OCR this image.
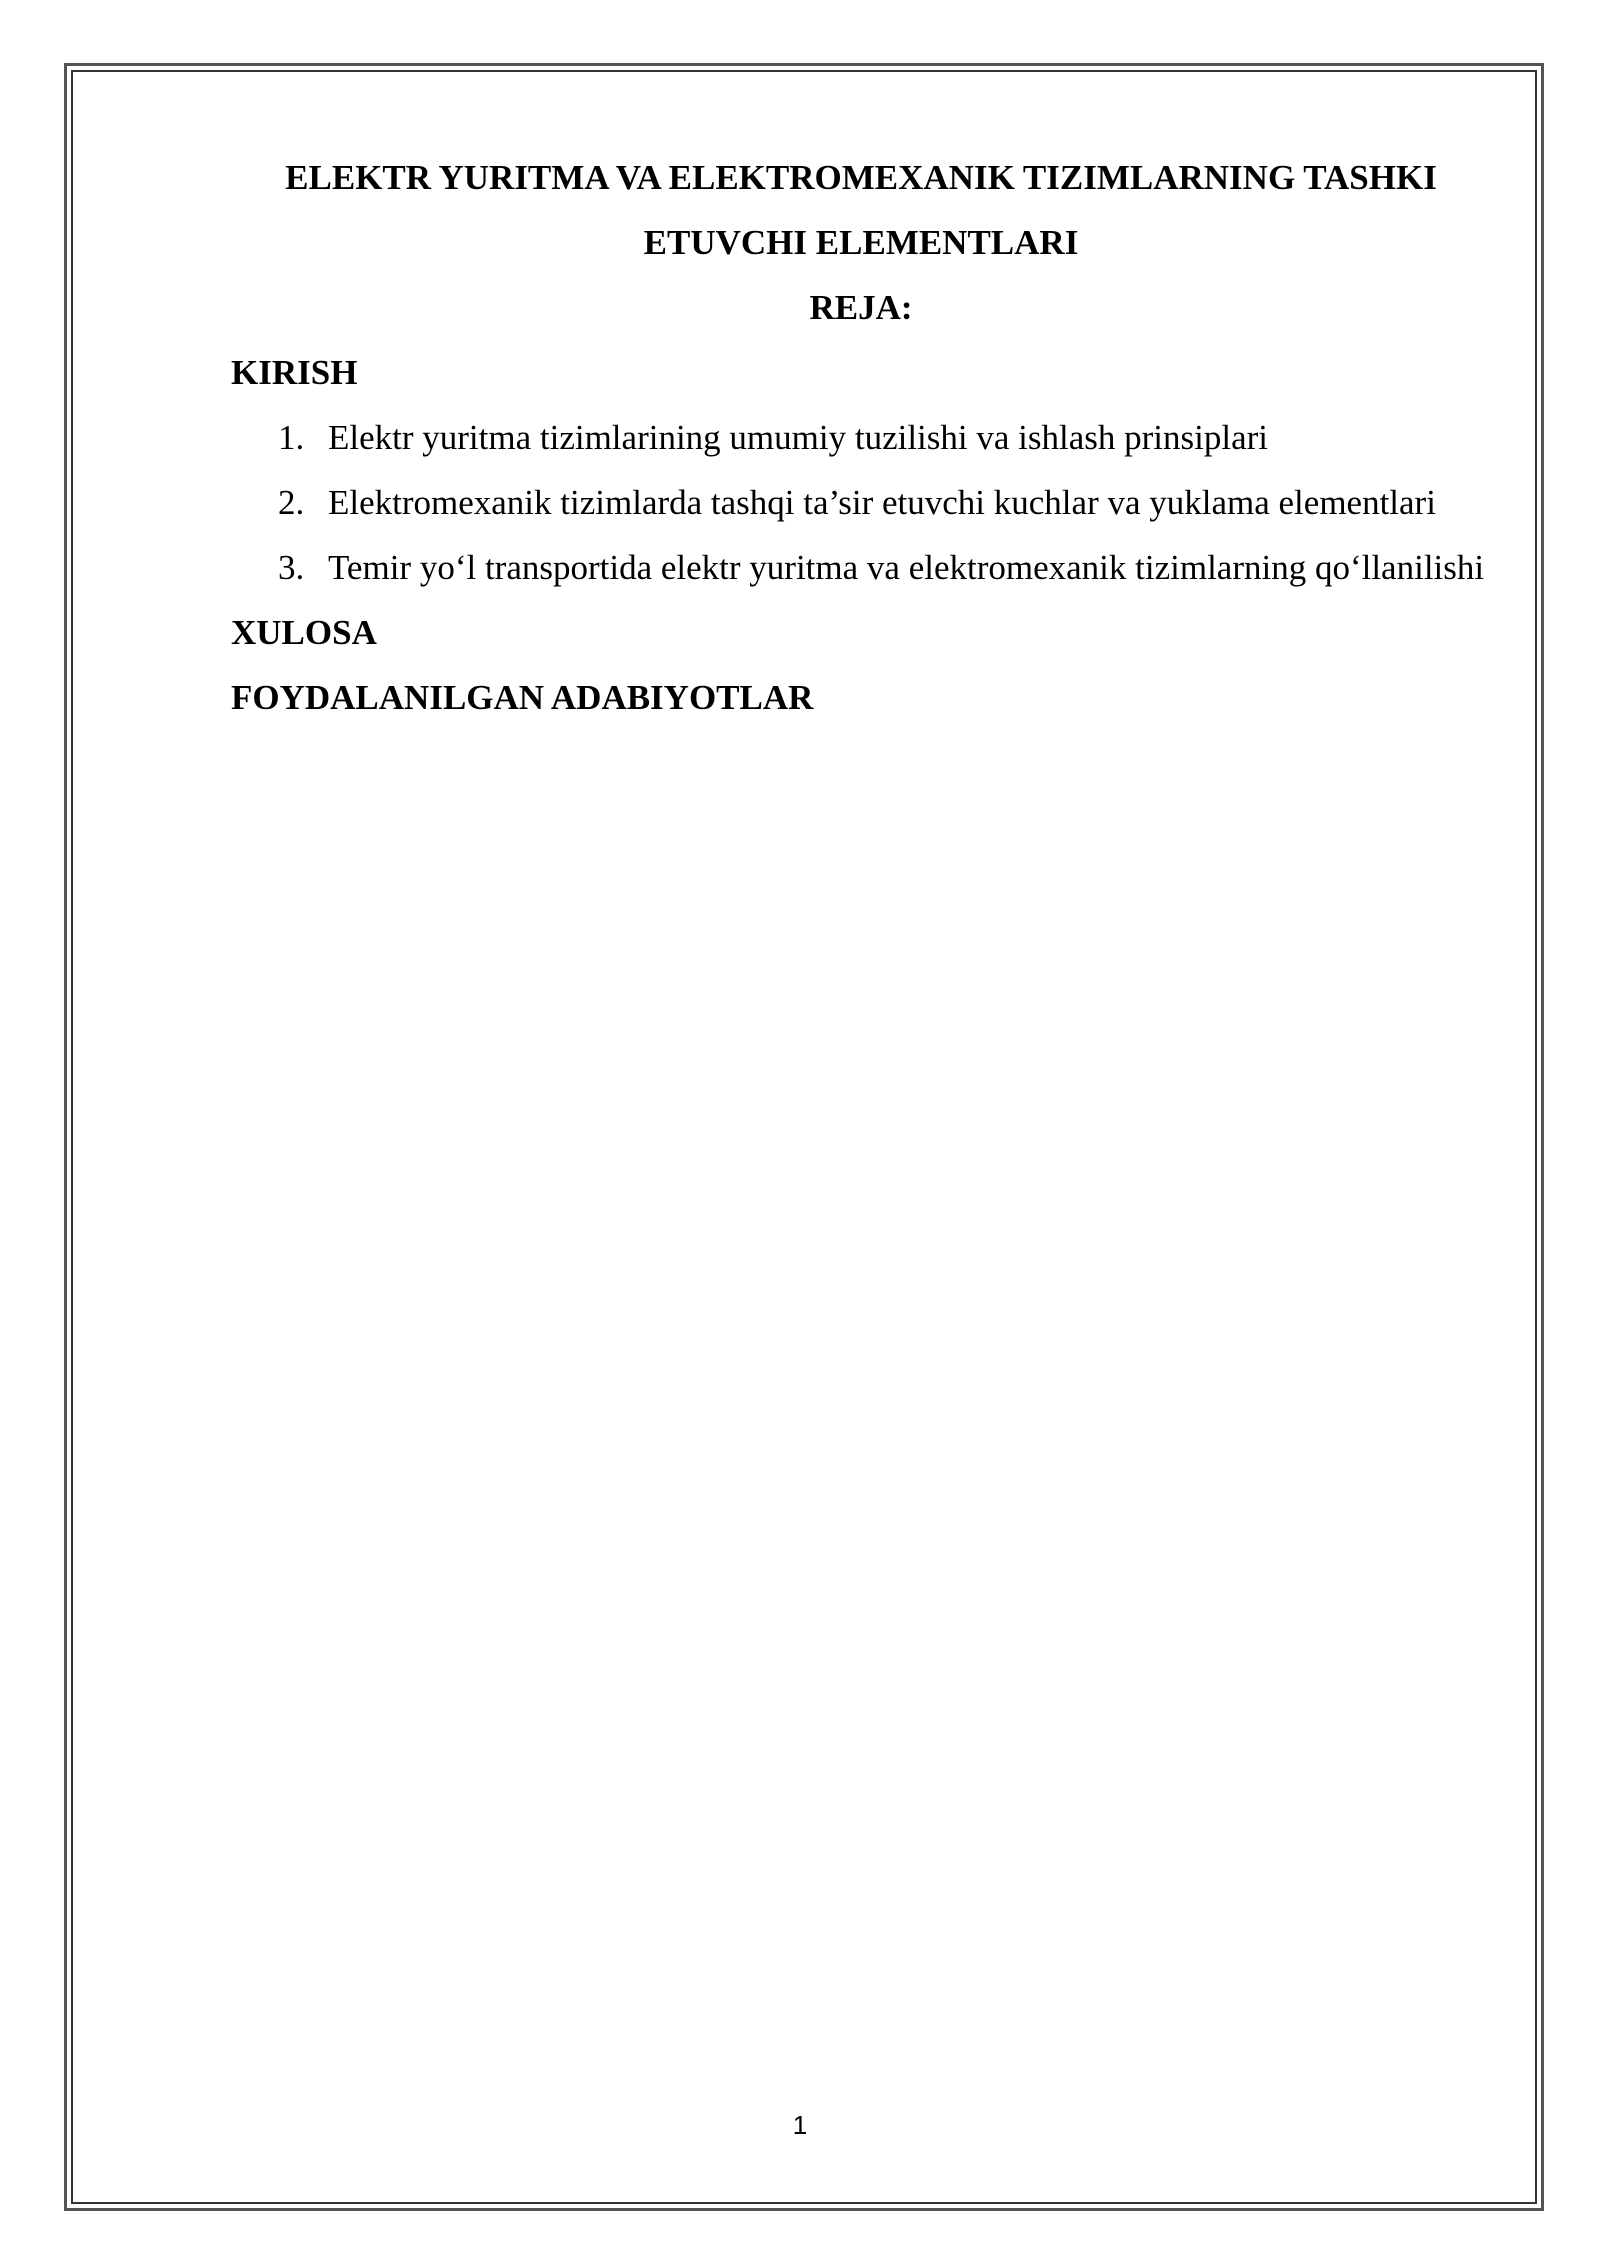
ELEKTR YURITMA VA ELEKTROMEXANIK TIZIMLARNING TASHKI ETUVCHI ELEMENTLARI

REJA:

KIRISH

1. Elektr yuritma tizimlarining umumiy tuzilishi va ishlash prinsiplari
2. Elektromexanik tizimlarda tashqi ta’sir etuvchi kuchlar va yuklama elementlari
3. Temir yo‘l transportida elektr yuritma va elektromexanik tizimlarning qo‘llanilishi

XULOSA

FOYDALANILGAN ADABIYOTLAR

1
